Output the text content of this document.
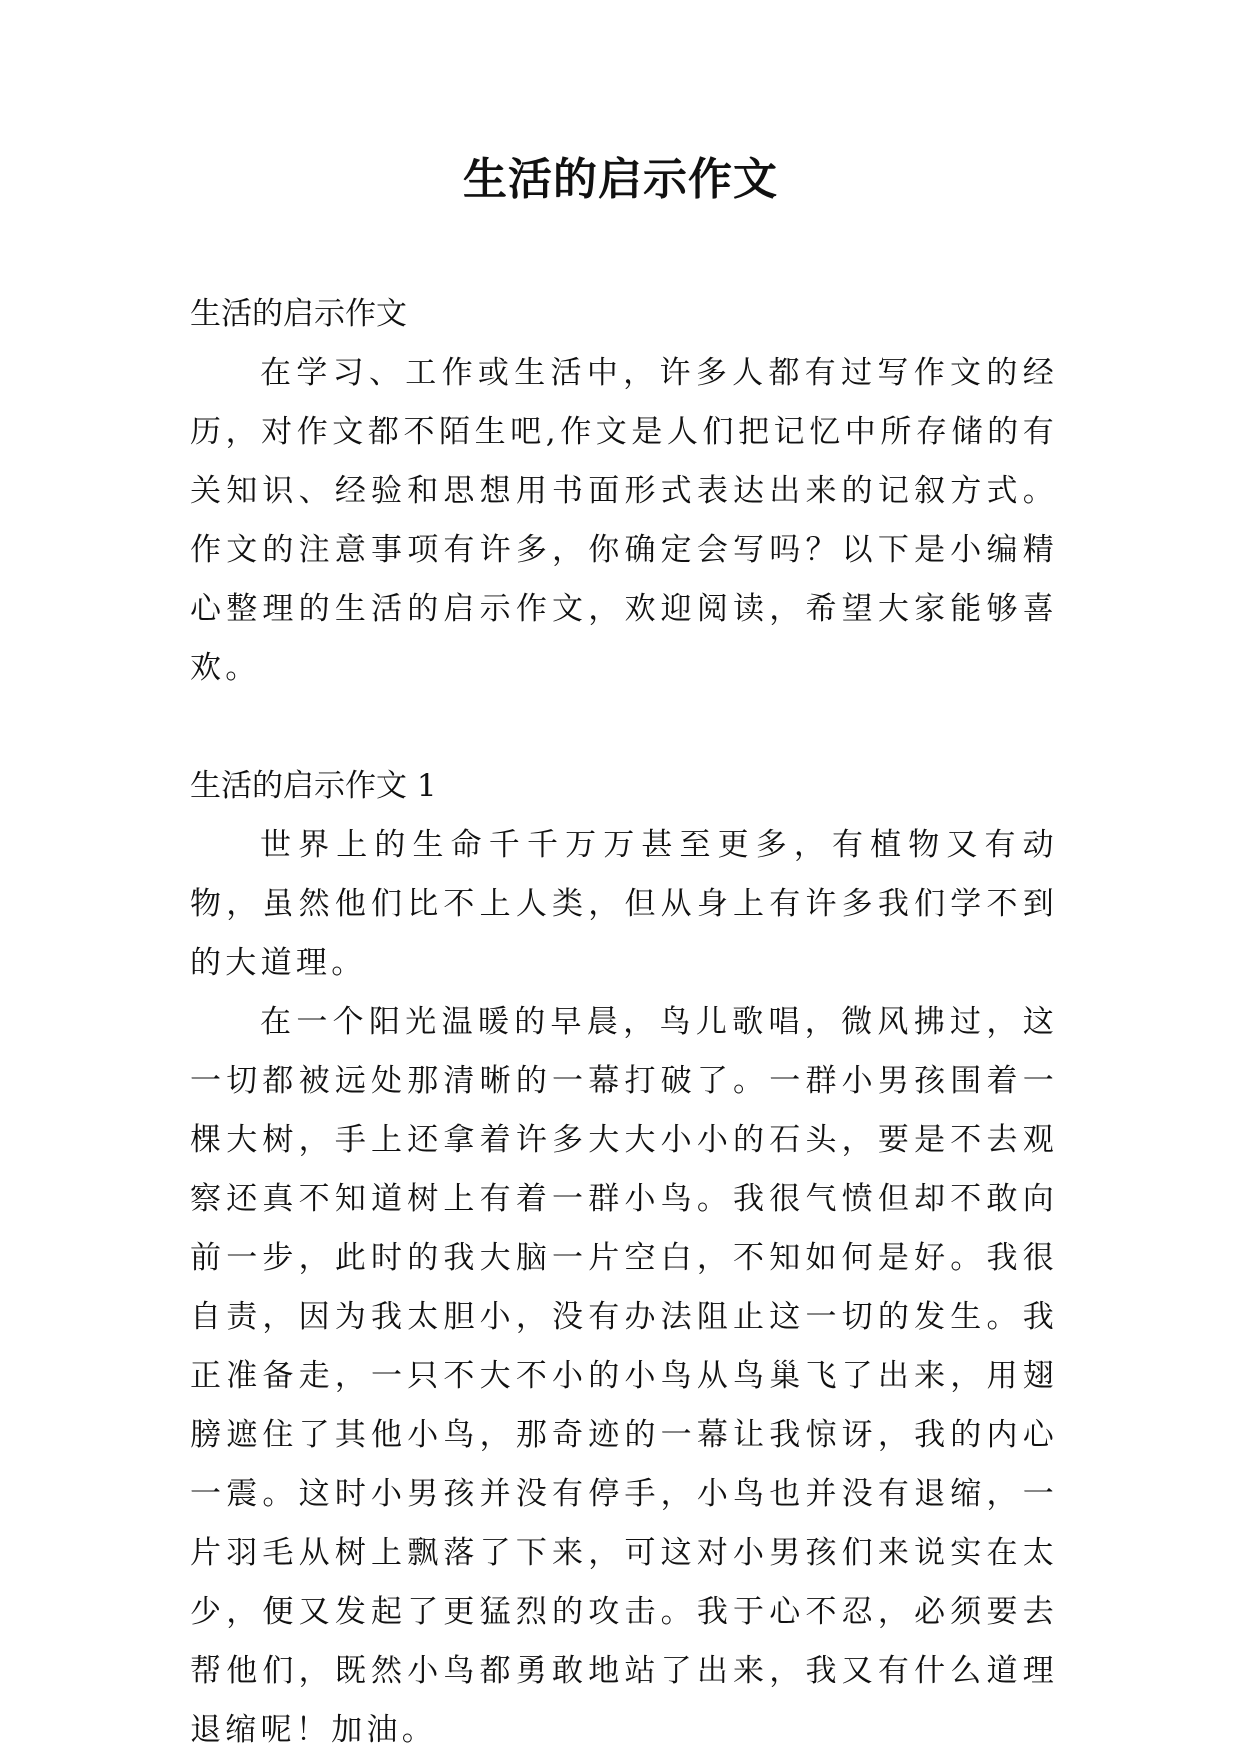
生活的启示作文

生活的启示作文

在学习、工作或生活中，许多人都有过写作文的经历，对作文都不陌生吧,作文是人们把记忆中所存储的有关知识、经验和思想用书面形式表达出来的记叙方式。作文的注意事项有许多，你确定会写吗？以下是小编精心整理的生活的启示作文，欢迎阅读，希望大家能够喜欢。

生活的启示作文 1

世界上的生命千千万万甚至更多，有植物又有动物，虽然他们比不上人类，但从身上有许多我们学不到的大道理。

在一个阳光温暖的早晨，鸟儿歌唱，微风拂过，这一切都被远处那清晰的一幕打破了。一群小男孩围着一棵大树，手上还拿着许多大大小小的石头，要是不去观察还真不知道树上有着一群小鸟。我很气愤但却不敢向前一步，此时的我大脑一片空白，不知如何是好。我很自责，因为我太胆小，没有办法阻止这一切的发生。我正准备走，一只不大不小的小鸟从鸟巢飞了出来，用翅膀遮住了其他小鸟，那奇迹的一幕让我惊讶，我的内心一震。这时小男孩并没有停手，小鸟也并没有退缩，一片羽毛从树上飘落了下来，可这对小男孩们来说实在太少，便又发起了更猛烈的攻击。我于心不忍，必须要去帮他们，既然小鸟都勇敢地站了出来，我又有什么道理退缩呢！加油。
